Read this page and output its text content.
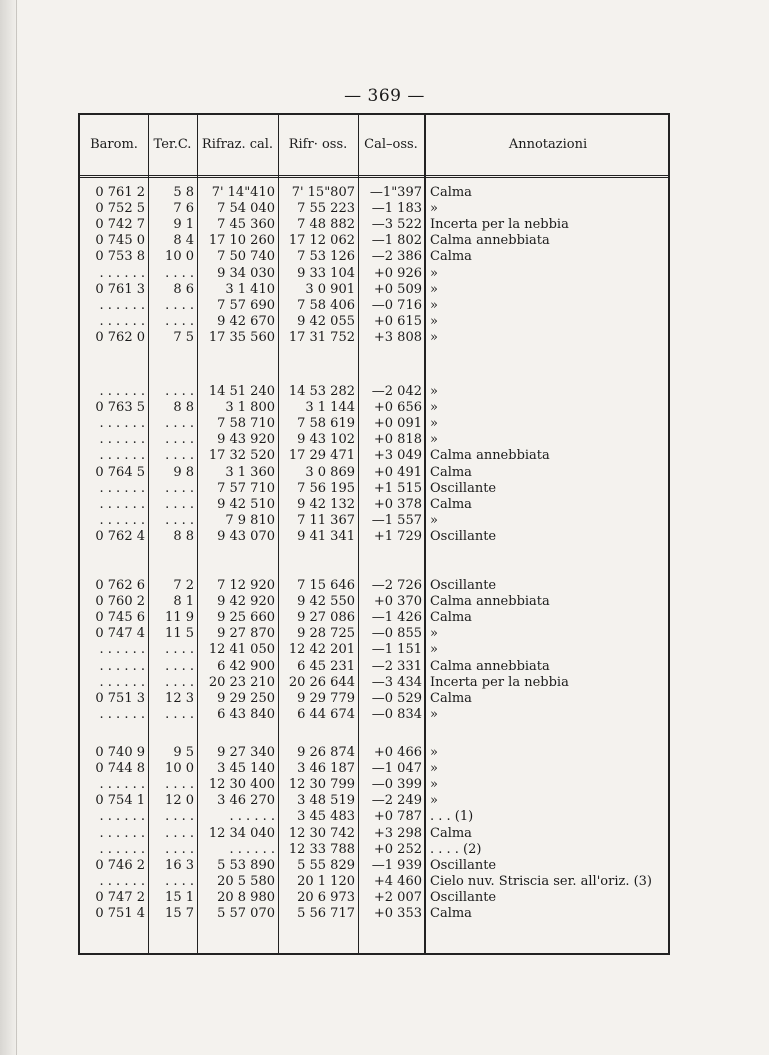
— 369 —
Barom.	Ter.C. Rifraz. cal.	Rifr· oss.	Cal–oss.	Annotazioni
0 761 2	5 8	7' 14"410	7' 15"807	—1"397 Calma
0 752 5	7 6	7 54 040	7 55 223	—1 183 »
0 742 7	9 1	7 45 360	7 48 882	—3 522 Incerta per la nebbia
0 745 0	8 4	17 10 260	17 12 062	—1 802 Calma annebbiata
0 753 8	10 0	7 50 740	7 53 126	—2 386 Calma
. . . . . .	. . . .	9 34 030	9 33 104	+0 926 »
0 761 3	8 6	3 1 410	3 0 901	+0 509 »
. . . . . .	. . . .	7 57 690	7 58 406	—0 716 »
. . . . . .	. . . .	9 42 670	9 42 055	+0 615 »
0 762 0	7 5	17 35 560	17 31 752	+3 808 »
. . . . . .	. . . .	14 51 240	14 53 282	—2 042 »
0 763 5	8 8	3 1 800	3 1 144	+0 656 »
. . . . . .	. . . .	7 58 710	7 58 619	+0 091 »
. . . . . .	. . . .	9 43 920	9 43 102	+0 818 »
. . . . . .	. . . .	17 32 520	17 29 471	+3 049 Calma annebbiata
0 764 5	9 8	3 1 360	3 0 869	+0 491 Calma
. . . . . .	. . . .	7 57 710	7 56 195	+1 515 Oscillante
. . . . . .	. . . .	9 42 510	9 42 132	+0 378 Calma
. . . . . .	. . . .	7 9 810	7 11 367	—1 557 »
0 762 4	8 8	9 43 070	9 41 341	+1 729 Oscillante
0 762 6	7 2	7 12 920	7 15 646	—2 726 Oscillante
0 760 2	8 1	9 42 920	9 42 550	+0 370 Calma annebbiata
0 745 6	11 9	9 25 660	9 27 086	—1 426 Calma
0 747 4	11 5	9 27 870	9 28 725	—0 855 »
. . . . . .	. . . .	12 41 050	12 42 201	—1 151 »
. . . . . .	. . . .	6 42 900	6 45 231	—2 331 Calma annebbiata
. . . . . .	. . . .	20 23 210	20 26 644	—3 434 Incerta per la nebbia
0 751 3	12 3	9 29 250	9 29 779	—0 529 Calma
. . . . . .	. . . .	6 43 840	6 44 674	—0 834 »
0 740 9	9 5	9 27 340	9 26 874	+0 466 »
0 744 8	10 0	3 45 140	3 46 187	—1 047 »
. . . . . .	. . . .	12 30 400	12 30 799	—0 399 »
0 754 1	12 0	3 46 270	3 48 519	—2 249 »
. . . . . .	. . . .	. . . . . .	3 45 483	+0 787 . . . (1)
. . . . . .	. . . .	12 34 040	12 30 742	+3 298 Calma
. . . . . .	. . . .	. . . . . .	12 33 788	+0 252 . . . . (2)
0 746 2	16 3	5 53 890	5 55 829	—1 939 Oscillante
. . . . . .	. . . .	20 5 580	20 1 120	+4 460 Cielo nuv. Striscia ser. all'oriz. (3)
0 747 2	15 1	20 8 980	20 6 973	+2 007 Oscillante
0 751 4	15 7	5 57 070	5 56 717	+0 353 Calma
